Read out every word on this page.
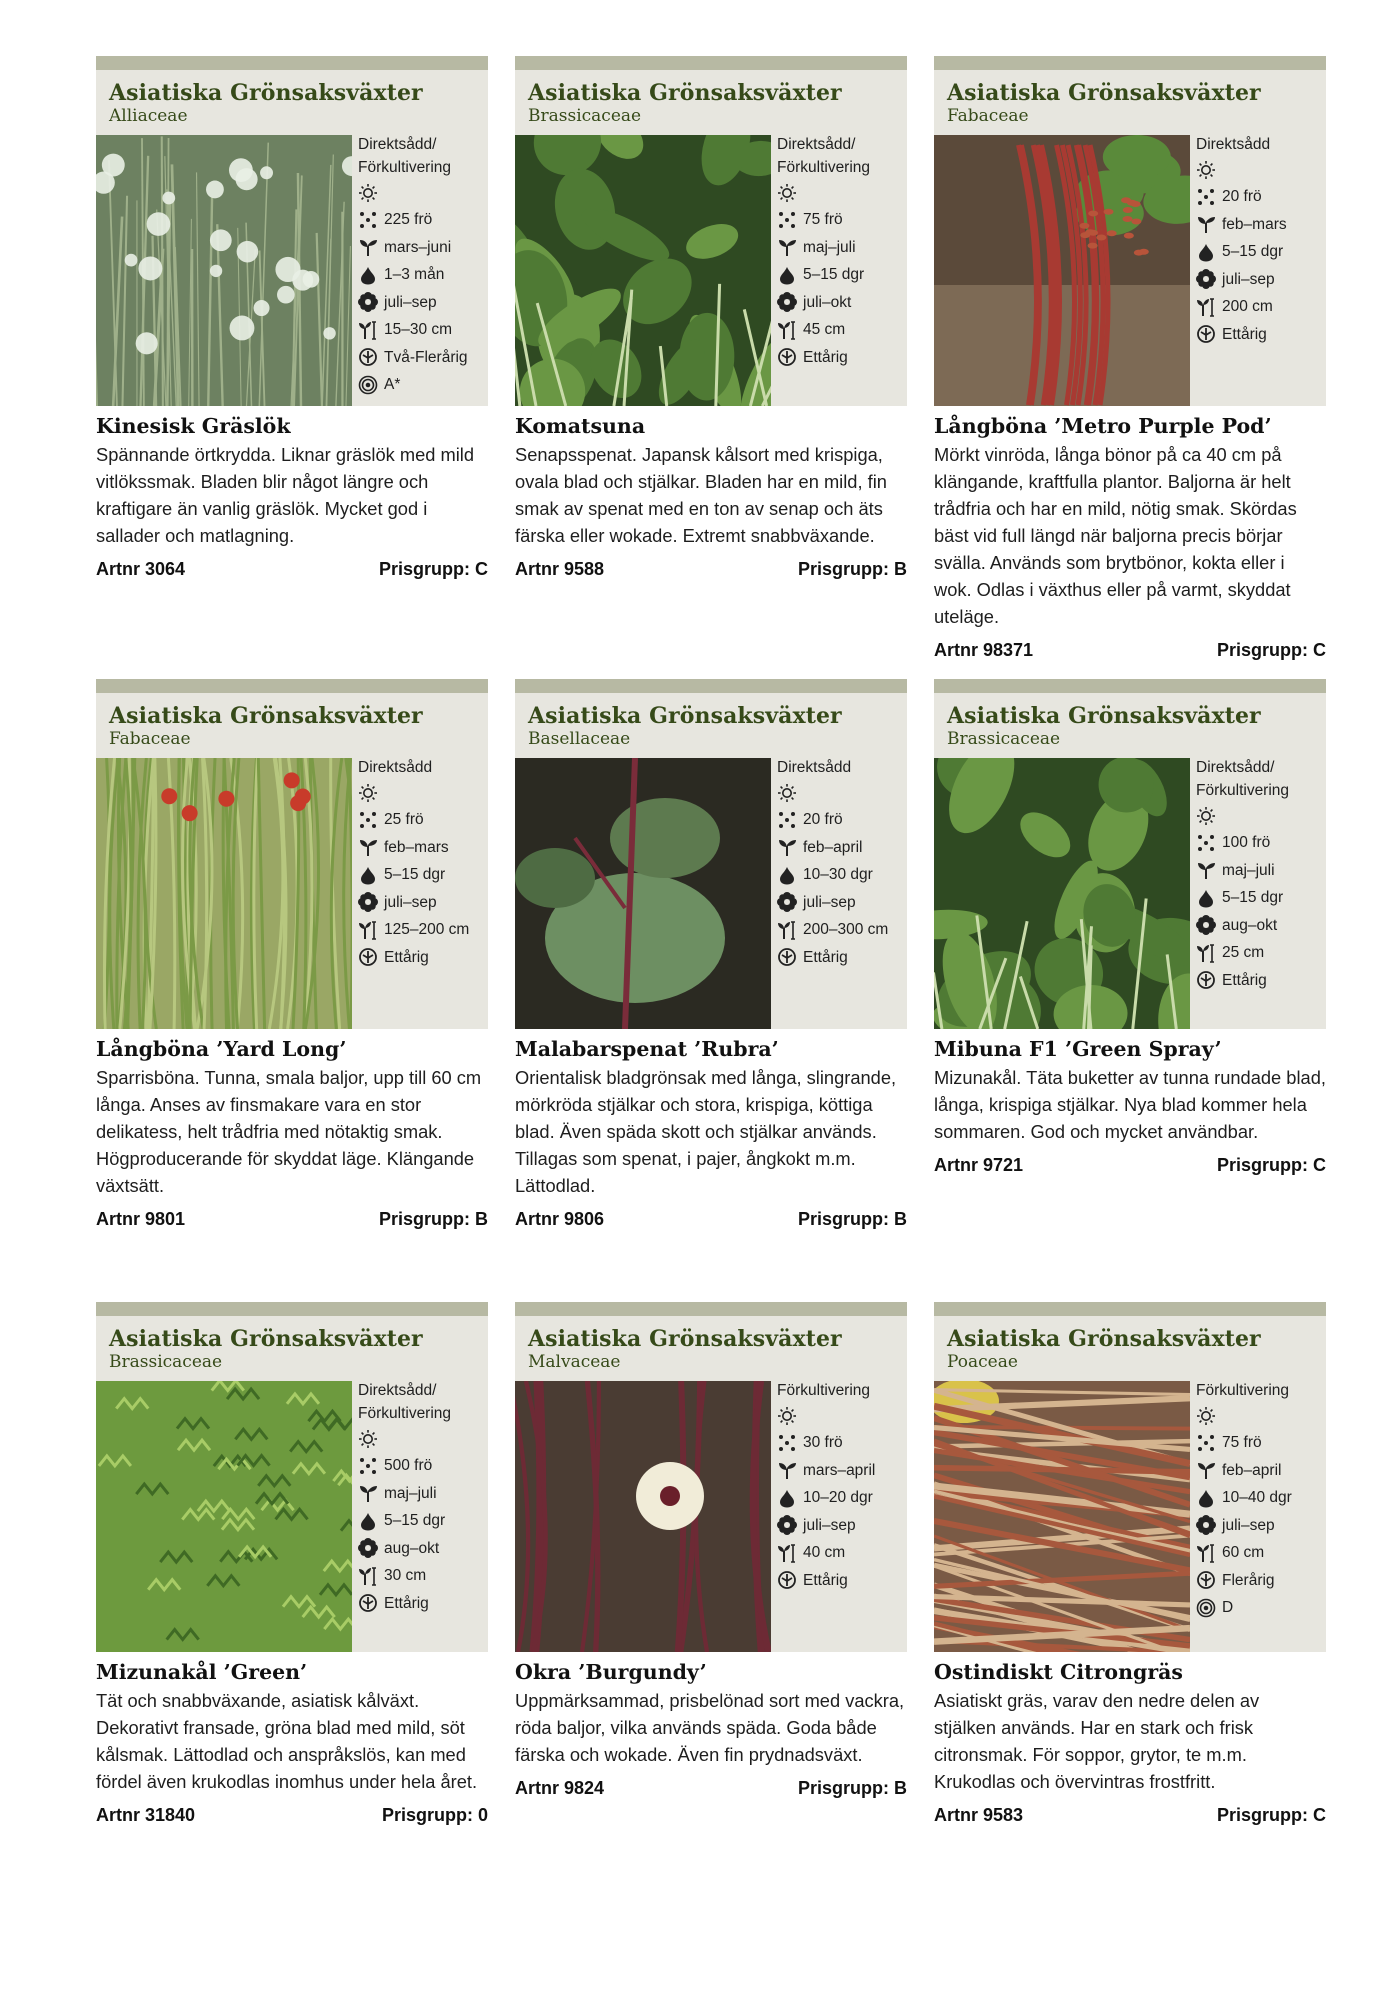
Asiatiska Grönsaksväxter
Alliaceae
Direktsådd/ Förkultivering
225 frö
mars–juni
1–3 mån
juli–sep
15–30 cm
Två-Flerårig
A*
Kinesisk Gräslök
Spännande örtkrydda. Liknar gräslök med mild vitlökssmak. Bladen blir något längre och kraftigare än vanlig gräslök. Mycket god i sallader och matlagning.
Artnr 3064	Prisgrupp: C
Asiatiska Grönsaksväxter
Brassicaceae
Direktsådd/ Förkultivering
75 frö
maj–juli
5–15 dgr
juli–okt
45 cm
Ettårig
Komatsuna
Senapsspenat. Japansk kålsort med krispiga, ovala blad och stjälkar. Bladen har en mild, fin smak av spenat med en ton av senap och äts färska eller wokade. Extremt snabbväxande.
Artnr 9588	Prisgrupp: B
Asiatiska Grönsaksväxter
Fabaceae
Direktsådd
20 frö
feb–mars
5–15 dgr
juli–sep
200 cm
Ettårig
Långböna ’Metro Purple Pod’
Mörkt vinröda, långa bönor på ca 40 cm på klängande, kraftfulla plantor. Baljorna är helt trådfria och har en mild, nötig smak. Skördas bäst vid full längd när baljorna precis börjar svälla. Används som brytbönor, kokta eller i wok. Odlas i växthus eller på varmt, skyddat uteläge.
Artnr 98371	Prisgrupp: C
Asiatiska Grönsaksväxter
Fabaceae
Direktsådd
25 frö
feb–mars
5–15 dgr
juli–sep
125–200 cm
Ettårig
Långböna ’Yard Long’
Sparrisböna. Tunna, smala baljor, upp till 60 cm långa. Anses av finsmakare vara en stor delikatess, helt trådfria med nötaktig smak. Högproducerande för skyddat läge. Klängande växtsätt.
Artnr 9801	Prisgrupp: B
Asiatiska Grönsaksväxter
Basellaceae
Direktsådd
20 frö
feb–april
10–30 dgr
juli–sep
200–300 cm
Ettårig
Malabarspenat ’Rubra’
Orientalisk bladgrönsak med långa, slingrande, mörkröda stjälkar och stora, krispiga, köttiga blad. Även späda skott och stjälkar används. Tillagas som spenat, i pajer, ångkokt m.m. Lättodlad.
Artnr 9806	Prisgrupp: B
Asiatiska Grönsaksväxter
Brassicaceae
Direktsådd/ Förkultivering
100 frö
maj–juli
5–15 dgr
aug–okt
25 cm
Ettårig
Mibuna F1 ’Green Spray’
Mizunakål. Täta buketter av tunna rundade blad, långa, krispiga stjälkar. Nya blad kommer hela sommaren. God och mycket användbar.
Artnr 9721	Prisgrupp: C
Asiatiska Grönsaksväxter
Brassicaceae
Direktsådd/ Förkultivering
500 frö
maj–juli
5–15 dgr
aug–okt
30 cm
Ettårig
Mizunakål ’Green’
Tät och snabbväxande, asiatisk kålväxt. Dekorativt fransade, gröna blad med mild, söt kålsmak. Lättodlad och anspråkslös, kan med fördel även krukodlas inomhus under hela året.
Artnr 31840	Prisgrupp: 0
Asiatiska Grönsaksväxter
Malvaceae
Förkultivering
30 frö
mars–april
10–20 dgr
juli–sep
40 cm
Ettårig
Okra ’Burgundy’
Uppmärksammad, prisbelönad sort med vackra, röda baljor, vilka används späda. Goda både färska och wokade. Även fin prydnadsväxt.
Artnr 9824	Prisgrupp: B
Asiatiska Grönsaksväxter
Poaceae
Förkultivering
75 frö
feb–april
10–40 dgr
juli–sep
60 cm
Flerårig
D
Ostindiskt Citrongräs
Asiatiskt gräs, varav den nedre delen av stjälken används. Har en stark och frisk citronsmak. För soppor, grytor, te m.m. Krukodlas och övervintras frostfritt.
Artnr 9583	Prisgrupp: C
